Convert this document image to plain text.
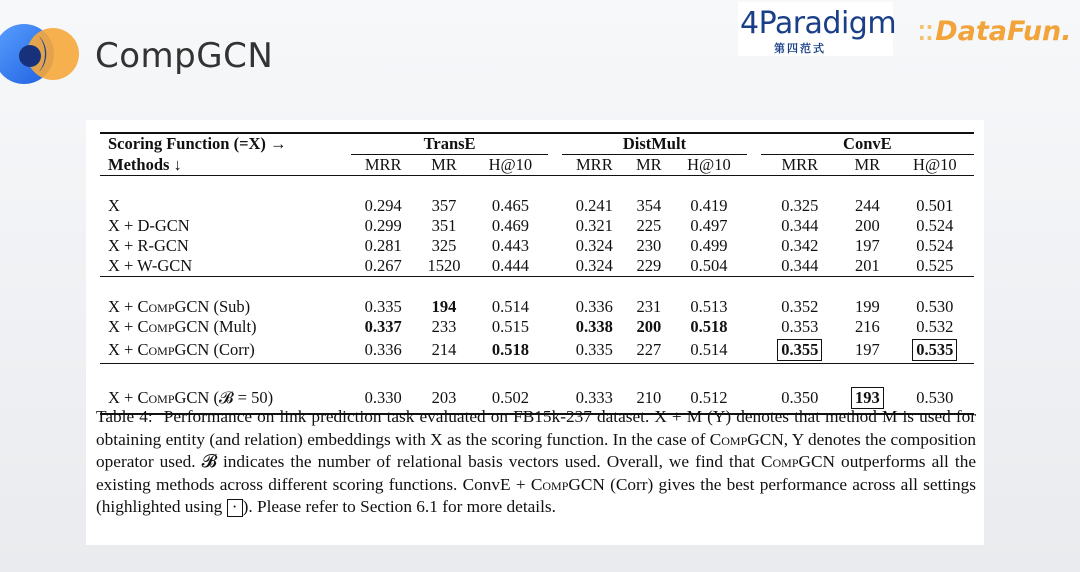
CompGCN
4Paradigm
第四范式
⁚⁚DataFun.
Scoring Function (=X) →	TransE				DistMult				ConvE		
Methods ↓	MRR	MR	H@10		MRR	MR	H@10		MRR	MR	H@10

X	0.294	357	0.465		0.241	354	0.419		0.325	244	0.501
X + D-GCN	0.299	351	0.469		0.321	225	0.497		0.344	200	0.524
X + R-GCN	0.281	325	0.443		0.324	230	0.499		0.342	197	0.524
X + W-GCN	0.267	1520	0.444		0.324	229	0.504		0.344	201	0.525

X + CompGCN (Sub)	0.335	194	0.514		0.336	231	0.513		0.352	199	0.530
X + CompGCN (Mult)	0.337	233	0.515		0.338	200	0.518		0.353	216	0.532
X + CompGCN (Corr)	0.336	214	0.518		0.335	227	0.514		0.355	197	0.535

X + CompGCN (𝓑 = 50)	0.330	203	0.502		0.333	210	0.512		0.350	193	0.530
Table 4: Performance on link prediction task evaluated on FB15k-237 dataset. X + M (Y) denotes that method M is used for obtaining entity (and relation) embeddings with X as the scoring function. In the case of CompGCN, Y denotes the composition operator used. 𝓑 indicates the number of relational basis vectors used. Overall, we find that CompGCN outperforms all the existing methods across different scoring functions. ConvE + CompGCN (Corr) gives the best performance across all settings (highlighted using · ). Please refer to Section 6.1 for more details.
